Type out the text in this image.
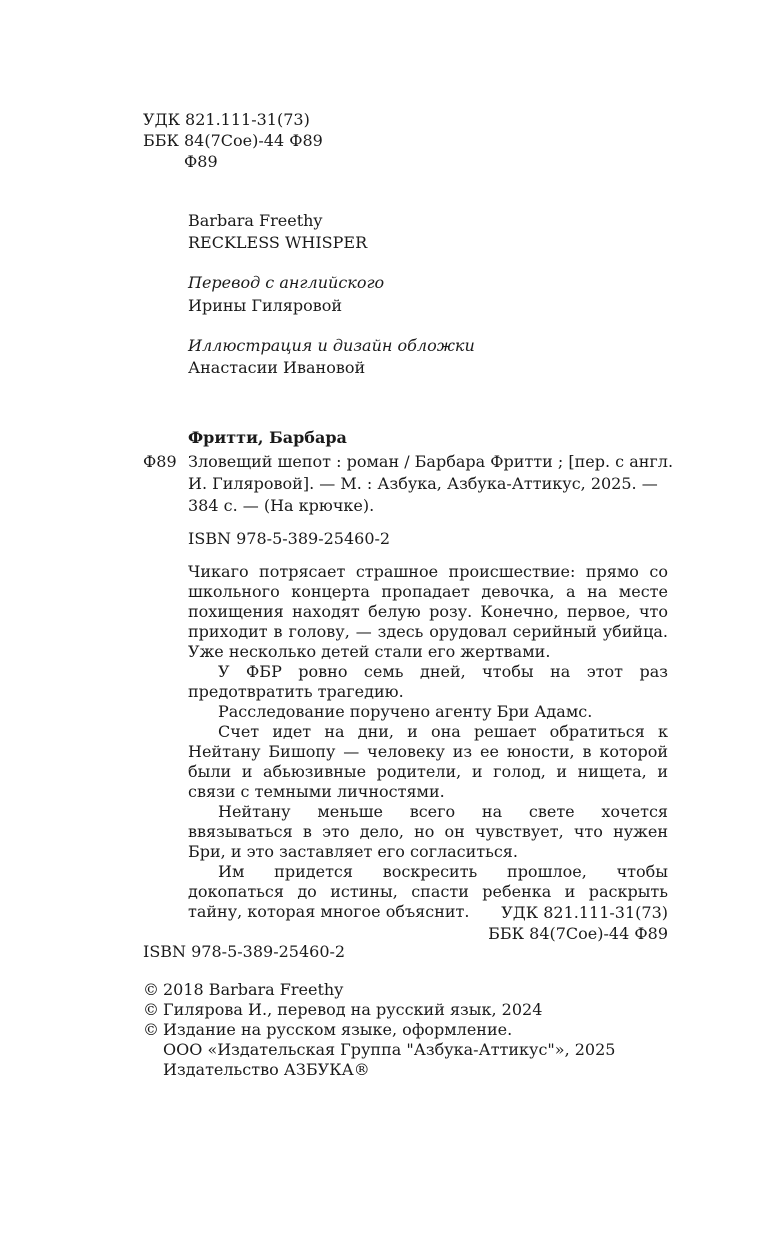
УДК 821.111-31(73)
ББК 84(7Сое)-44 Ф89
Ф89
Barbara Freethy
RECKLESS WHISPER
Перевод с английского
Ирины Гиляровой
Иллюстрация и дизайн обложки
Анастасии Ивановой
Фритти, Барбара
Ф89 Зловещий шепот : роман / Барбара Фритти ; [пер. с англ.
И. Гиляровой]. — М. : Азбука, Азбука-Аттикус, 2025. —
384 с. — (На крючке).
ISBN 978-5-389-25460-2

Чикаго потрясает страшное происшествие: прямо со школьного концерта пропадает девочка, а на месте похищения находят белую розу. Конечно, первое, что приходит в голову, — здесь орудовал серийный убийца. Уже несколько детей стали его жертвами.

У ФБР ровно семь дней, чтобы на этот раз предотвратить трагедию.

Расследование поручено агенту Бри Адамс.

Счет идет на дни, и она решает обратиться к Нейтану Бишопу — человеку из ее юности, в которой были и абьюзивные родители, и голод, и нищета, и связи с темными личностями.

Нейтану меньше всего на свете хочется ввязываться в это дело, но он чувствует, что нужен Бри, и это заставляет его согласиться.

Им придется воскресить прошлое, чтобы докопаться до истины, спасти ребенка и раскрыть тайну, которая многое объяснит.	УДК 821.111-31(73)
ББК 84(7Сое)-44 Ф89
ISBN 978-5-389-25460-2
© 2018 Barbara Freethy
© Гилярова И., перевод на русский язык, 2024
© Издание на русском языке, оформление.
ООО «Издательская Группа "Азбука-Аттикус"», 2025
Издательство АЗБУКА®
